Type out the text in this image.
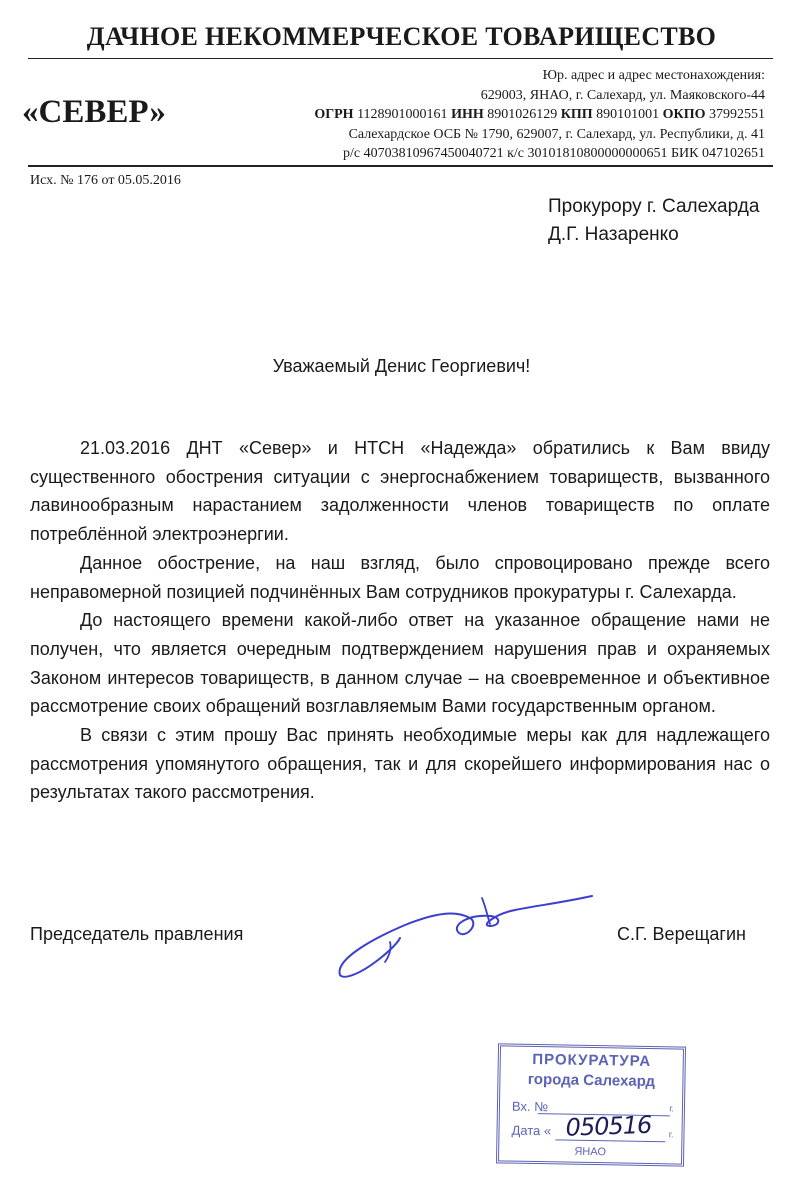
ДАЧНОЕ НЕКОММЕРЧЕСКОЕ ТОВАРИЩЕСТВО
«СЕВЕР»
Юр. адрес и адрес местонахождения:
629003, ЯНАО, г. Салехард, ул. Маяковского-44
ОГРН 1128901000161 ИНН 8901026129 КПП 890101001 ОКПО 37992551
Салехардское ОСБ № 1790, 629007, г. Салехард, ул. Республики, д. 41
р/с 40703810967450040721 к/с 30101810800000000651 БИК 047102651
Исх. № 176 от 05.05.2016
Прокурору г. Салехарда
Д.Г. Назаренко
Уважаемый Денис Георгиевич!

21.03.2016 ДНТ «Север» и НТСН «Надежда» обратились к Вам ввиду существенного обострения ситуации с энергоснабжением товариществ, вызванного лавинообразным нарастанием задолженности членов товариществ по оплате потреблённой электроэнергии.

Данное обострение, на наш взгляд, было спровоцировано прежде всего неправомерной позицией подчинённых Вам сотрудников прокуратуры г. Салехарда.

До настоящего времени какой-либо ответ на указанное обращение нами не получен, что является очередным подтверждением нарушения прав и охраняемых Законом интересов товариществ, в данном случае – на своевременное и объективное рассмотрение своих обращений возглавляемым Вами государственным органом.

В связи с этим прошу Вас принять необходимые меры как для надлежащего рассмотрения упомянутого обращения, так и для скорейшего информирования нас о результатах такого рассмотрения.

Председатель правления	С.Г. Верещагин
ПРОКУРАТУРА
города Салехард
Вх. №	г.
Дата «	г.
050516
ЯНАО
